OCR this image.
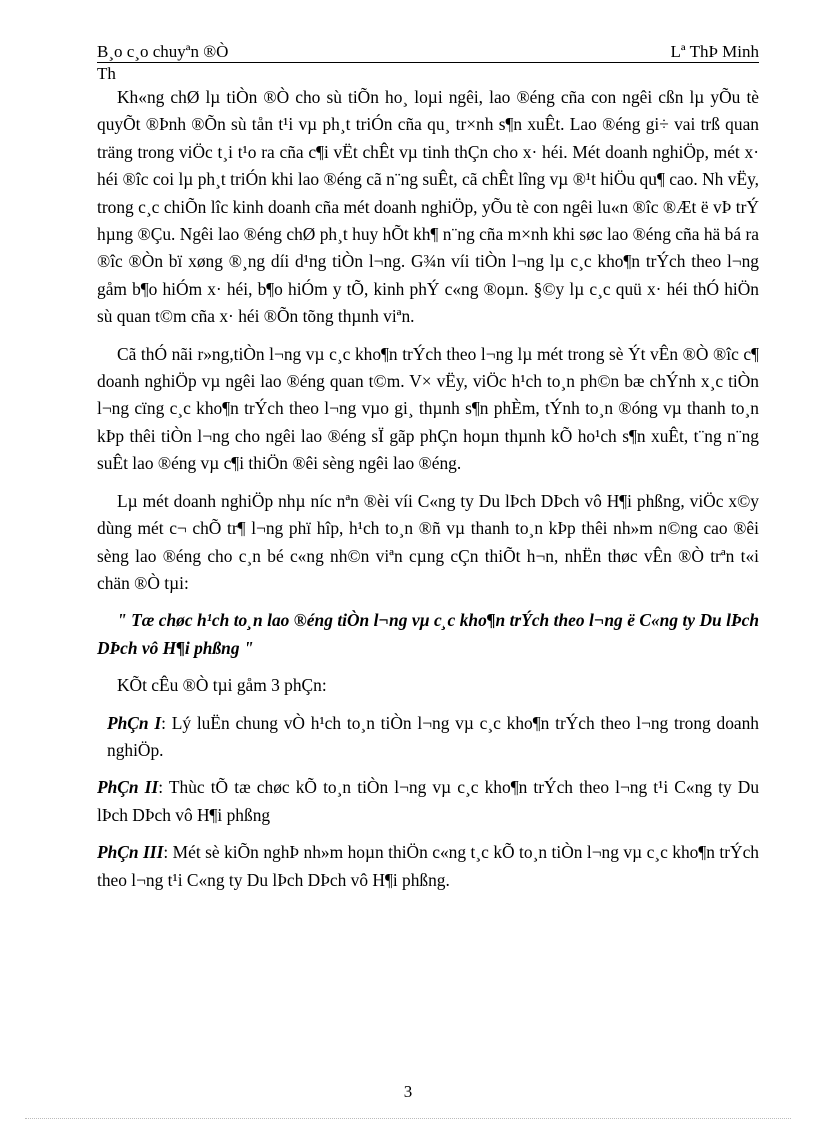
B¸o c¸o chuyªn ®Ò	Lª ThÞ Minh
Th

Kh«ng chØ lµ tiÒn ®Ò cho sù tiÕn ho¸ loµi ngêi, lao ®éng cña con ngêi cßn lµ yÕu tè quyÕt ®Þnh ®Õn sù tån t¹i vµ ph¸t triÓn cña qu¸ tr×nh s¶n xuÊt. Lao ®éng gi÷ vai trß quan träng trong viÖc t¸i t¹o ra cña c¶i vËt chÊt vµ tinh thÇn cho x· héi. Mét doanh nghiÖp, mét x· héi ®îc coi lµ ph¸t triÓn khi lao ®éng cã n¨ng suÊt, cã chÊt lîng vµ ®¹t hiÖu qu¶ cao. Nh vËy, trong c¸c chiÕn lîc kinh doanh cña mét doanh nghiÖp, yÕu tè con ngêi lu«n ®îc ®Æt ë vÞ trÝ hµng ®Çu. Ngêi lao ®éng chØ ph¸t huy hÕt kh¶ n¨ng cña m×nh khi søc lao ®éng cña hä bá ra ®îc ®Òn bï xøng ®¸ng díi d¹ng tiÒn l¬ng. G¾n víi tiÒn l¬ng lµ c¸c kho¶n trÝch theo l¬ng gåm b¶o hiÓm x· héi, b¶o hiÓm y tÕ, kinh phÝ c«ng ®oµn. §©y lµ c¸c quü x· héi thÓ hiÖn sù quan t©m cña x· héi ®Õn tõng thµnh viªn.

Cã thÓ nãi r»ng,tiÒn l¬ng vµ c¸c kho¶n trÝch theo l¬ng lµ mét trong sè Ýt vÊn ®Ò ®îc c¶ doanh nghiÖp vµ ngêi lao ®éng quan t©m. V× vËy, viÖc h¹ch to¸n ph©n bæ chÝnh x¸c tiÒn l¬ng cïng c¸c kho¶n trÝch theo l¬ng vµo gi¸ thµnh s¶n phÈm, tÝnh to¸n ®óng vµ thanh to¸n kÞp thêi tiÒn l¬ng cho ngêi lao ®éng sÏ gãp phÇn hoµn thµnh kÕ ho¹ch s¶n xuÊt, t¨ng n¨ng suÊt lao ®éng vµ c¶i thiÖn ®êi sèng ngêi lao ®éng.

Lµ mét doanh nghiÖp nhµ níc nªn ®èi víi C«ng ty Du lÞch DÞch vô H¶i phßng, viÖc x©y dùng mét c¬ chÕ tr¶ l¬ng phï hîp, h¹ch to¸n ®ñ vµ thanh to¸n kÞp thêi nh»m n©ng cao ®êi sèng lao ®éng cho c¸n bé c«ng nh©n viªn cµng cÇn thiÕt h¬n, nhËn thøc vÊn ®Ò trªn t«i chän ®Ò tµi:

" Tæ chøc h¹ch to¸n lao ®éng tiÒn l¬ng vµ c¸c kho¶n trÝch theo l¬ng ë C«ng ty Du lÞch DÞch vô H¶i phßng "

KÕt cÊu ®Ò tµi gåm 3 phÇn:

PhÇn I: Lý luËn chung vÒ h¹ch to¸n tiÒn l¬ng vµ c¸c kho¶n trÝch theo l¬ng trong doanh nghiÖp.

PhÇn II: Thùc tÕ tæ chøc kÕ to¸n tiÒn l¬ng vµ c¸c kho¶n trÝch theo l¬ng t¹i C«ng ty Du lÞch DÞch vô H¶i phßng

PhÇn III: Mét sè kiÕn nghÞ nh»m hoµn thiÖn c«ng t¸c kÕ to¸n tiÒn l¬ng vµ c¸c kho¶n trÝch theo l¬ng t¹i C«ng ty Du lÞch DÞch vô H¶i phßng.

3
